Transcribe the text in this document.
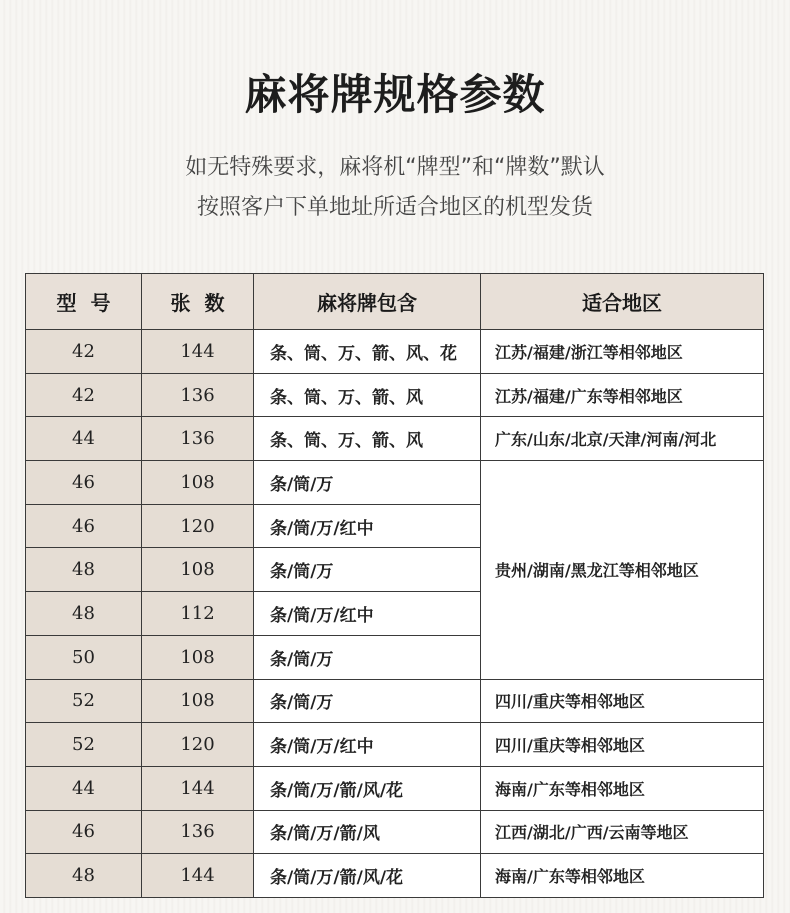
麻将牌规格参数
如无特殊要求，麻将机“牌型”和“牌数”默认
按照客户下单地址所适合地区的机型发货
型  号	张  数	麻将牌包含	适合地区
42	144	条、筒、万、箭、风、花	江苏/福建/浙江等相邻地区
42	136	条、筒、万、箭、风	江苏/福建/广东等相邻地区
44	136	条、筒、万、箭、风	广东/山东/北京/天津/河南/河北
46	108	条/筒/万	贵州/湖南/黑龙江等相邻地区
46	120	条/筒/万/红中	
48	108	条/筒/万	
48	112	条/筒/万/红中	
50	108	条/筒/万	
52	108	条/筒/万	四川/重庆等相邻地区
52	120	条/筒/万/红中	四川/重庆等相邻地区
44	144	条/筒/万/箭/风/花	海南/广东等相邻地区
46	136	条/筒/万/箭/风	江西/湖北/广西/云南等地区
48	144	条/筒/万/箭/风/花	海南/广东等相邻地区
